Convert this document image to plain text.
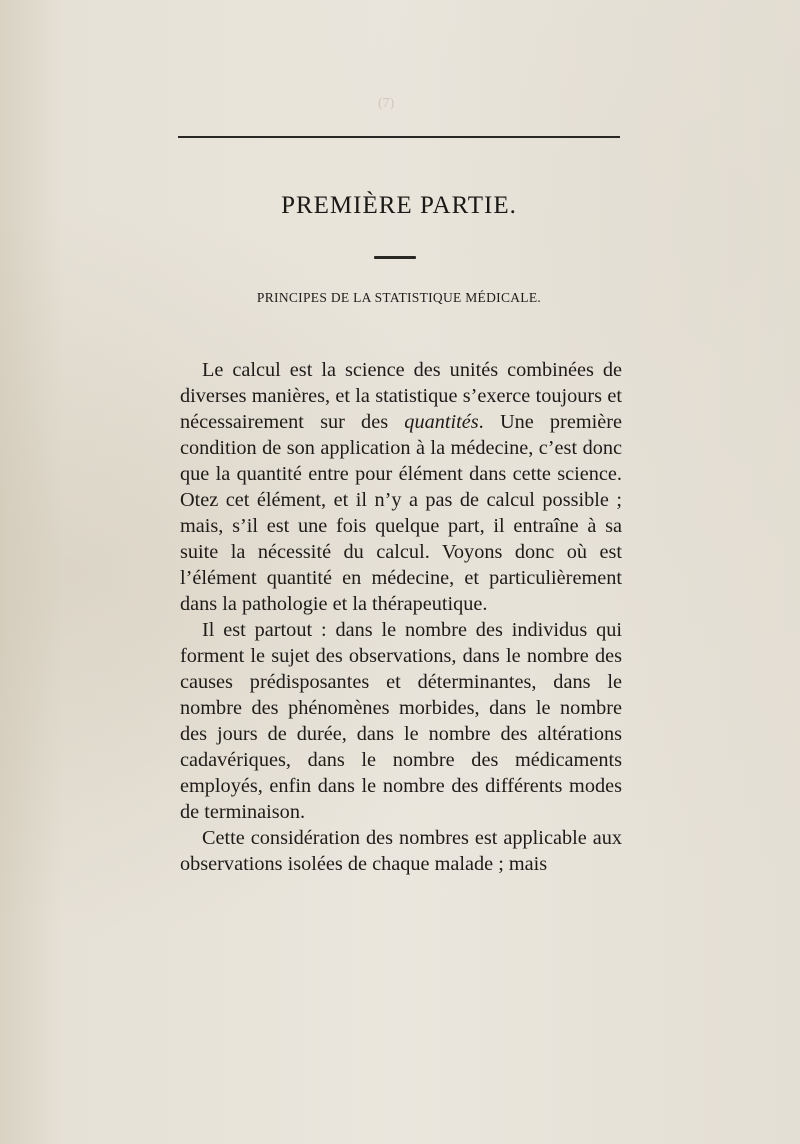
(7)
PREMIÈRE PARTIE.
PRINCIPES DE LA STATISTIQUE MÉDICALE.

Le calcul est la science des unités combinées de diverses manières, et la statistique s’exerce toujours et nécessairement sur des quantités. Une première condition de son application à la médecine, c’est donc que la quantité entre pour élément dans cette science. Otez cet élément, et il n’y a pas de calcul possible ; mais, s’il est une fois quelque part, il entraîne à sa suite la nécessité du calcul. Voyons donc où est l’élément quantité en médecine, et particulièrement dans la pathologie et la thérapeutique.

Il est partout : dans le nombre des individus qui forment le sujet des observations, dans le nombre des causes prédisposantes et déterminantes, dans le nombre des phénomènes morbides, dans le nombre des jours de durée, dans le nombre des altérations cadavériques, dans le nombre des médicaments employés, enfin dans le nombre des différents modes de terminaison.

Cette considération des nombres est applicable aux observations isolées de chaque malade ; mais
